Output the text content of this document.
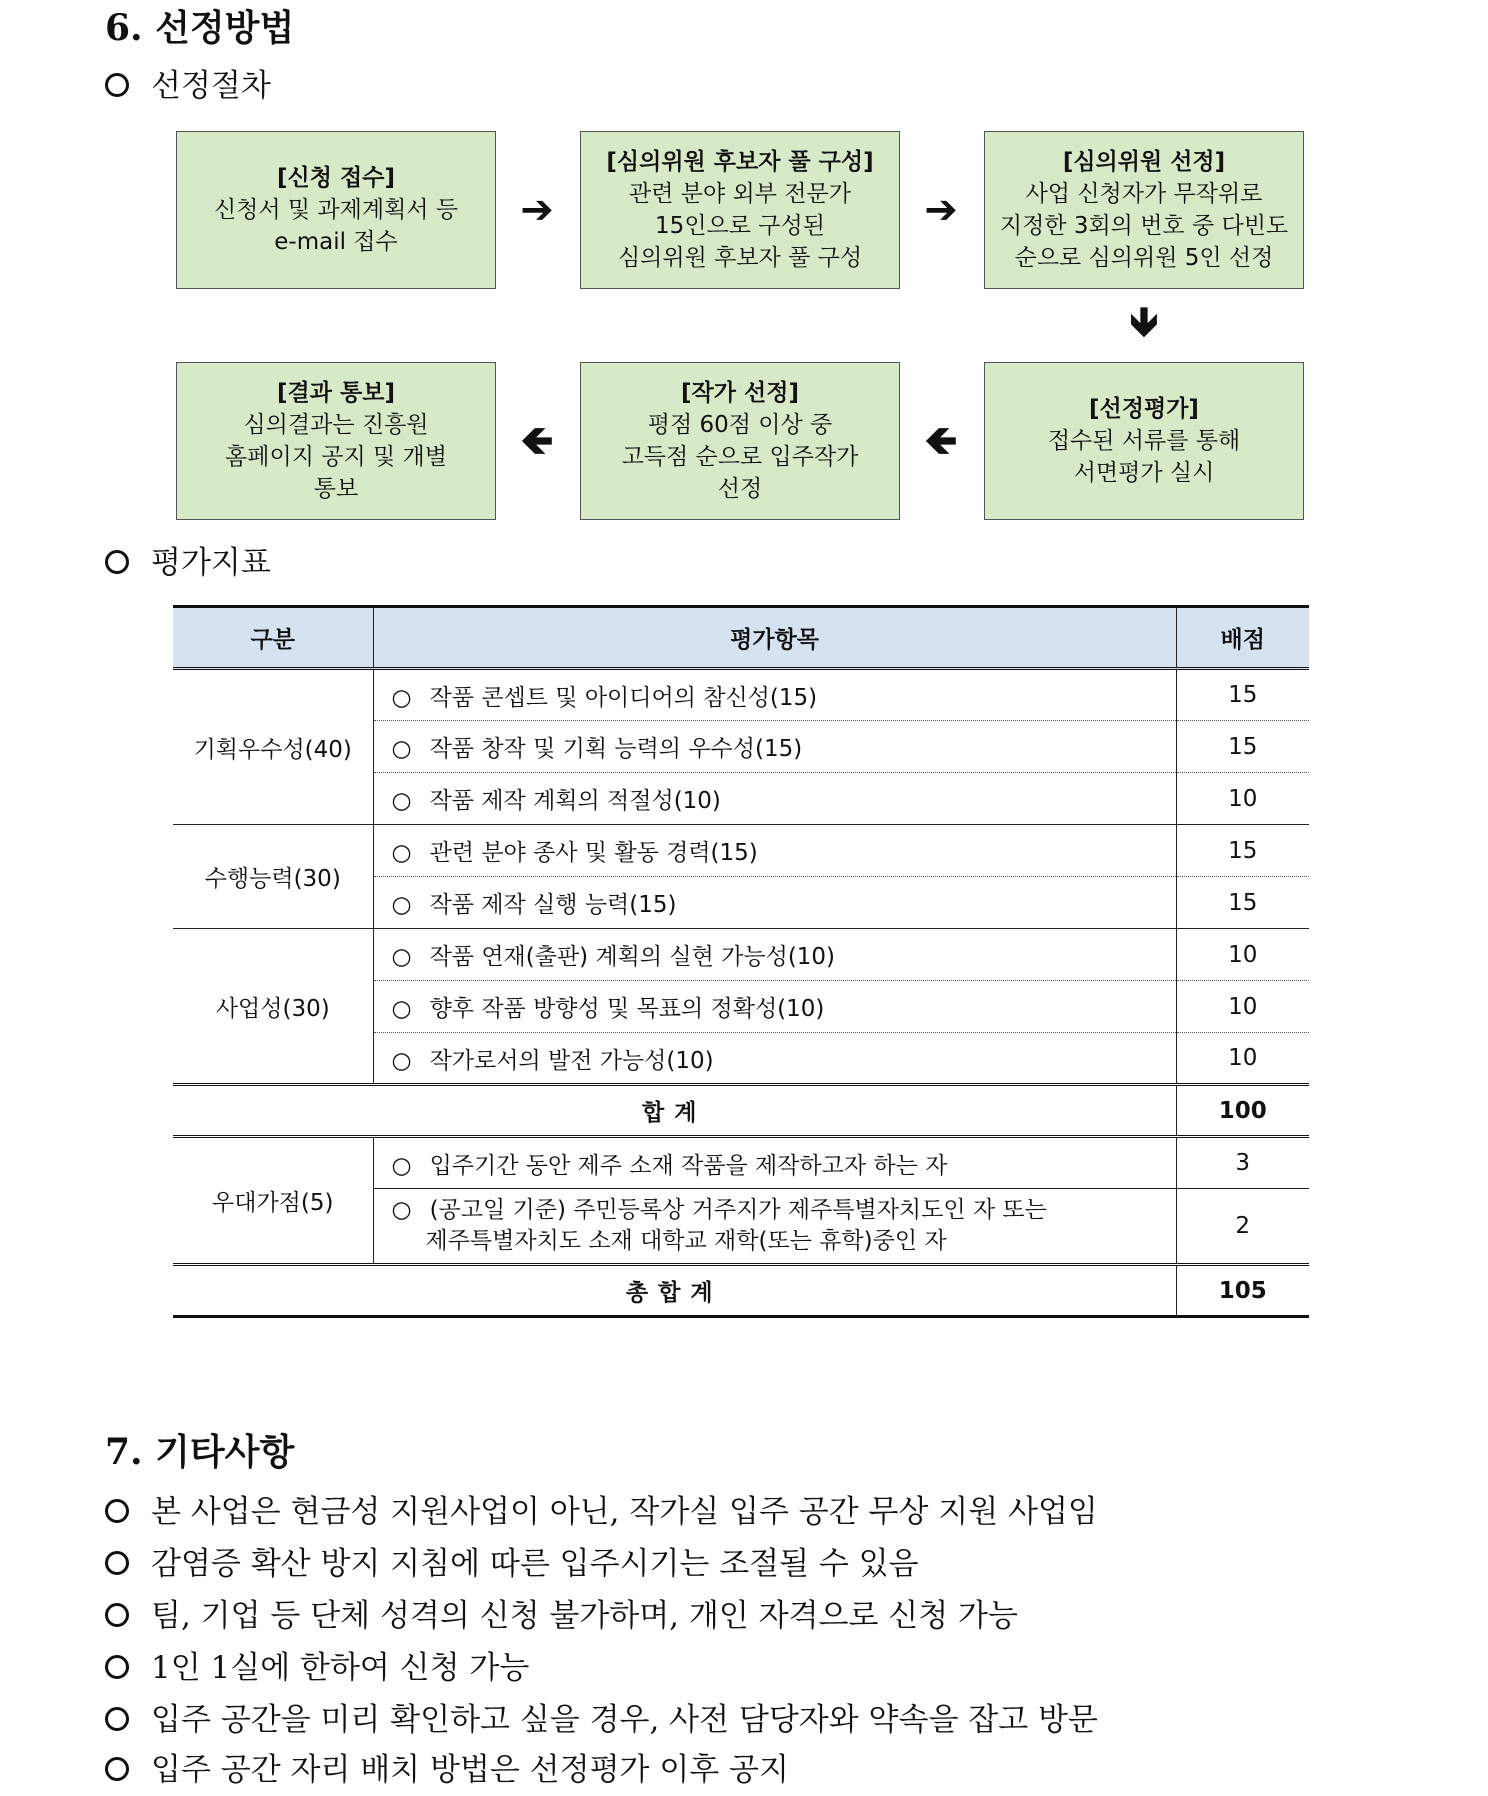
6. 선정방법
선정절차
[신청 접수]
신청서 및 과제계획서 등
e-mail 접수
➔
[심의위원 후보자 풀 구성]
관련 분야 외부 전문가
15인으로 구성된
심의위원 후보자 풀 구성
➔
[심의위원 선정]
사업 신청자가 무작위로
지정한 3회의 번호 중 다빈도
순으로 심의위원 5인 선정
🡻
[결과 통보]
심의결과는 진흥원
홈페이지 공지 및 개별
통보
🡸
[작가 선정]
평점 60점 이상 중
고득점 순으로 입주작가
선정
🡸
[선정평가]
접수된 서류를 통해
서면평가 실시
평가지표
구분	평가항목	배점
기획우수성(40)	○ 작품 콘셉트 및 아이디어의 참신성(15)	15
	○ 작품 창작 및 기획 능력의 우수성(15)	15
	○ 작품 제작 계획의 적절성(10)	10
수행능력(30)	○ 관련 분야 종사 및 활동 경력(15)	15
	○ 작품 제작 실행 능력(15)	15
사업성(30)	○ 작품 연재(출판) 계획의 실현 가능성(10)	10
	○ 향후 작품 방향성 및 목표의 정확성(10)	10
	○ 작가로서의 발전 가능성(10)	10
합계		100
우대가점(5)	○ 입주기간 동안 제주 소재 작품을 제작하고자 하는 자	3

	○ (공고일 기준) 주민등록상 거주지가 제주특별자치도인 자 또는
제주특별자치도 소재 대학교 재학(또는 휴학)중인 자	2
총합계		105
7. 기타사항
본 사업은 현금성 지원사업이 아닌, 작가실 입주 공간 무상 지원 사업임
감염증 확산 방지 지침에 따른 입주시기는 조절될 수 있음
팀, 기업 등 단체 성격의 신청 불가하며, 개인 자격으로 신청 가능
1인 1실에 한하여 신청 가능
입주 공간을 미리 확인하고 싶을 경우, 사전 담당자와 약속을 잡고 방문
입주 공간 자리 배치 방법은 선정평가 이후 공지
